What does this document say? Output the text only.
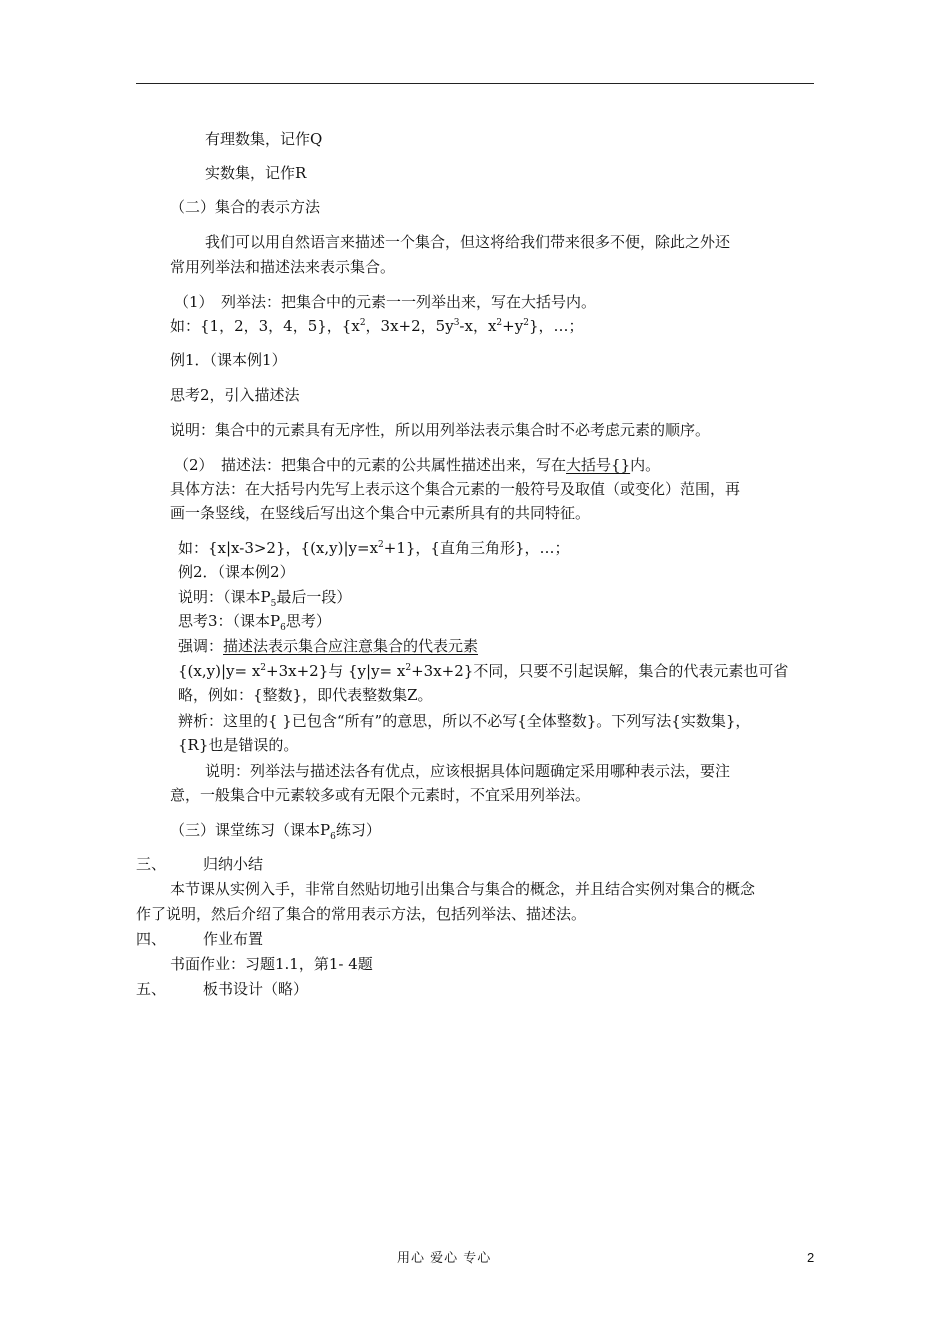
有理数集，记作Q
实数集，记作R
（二）集合的表示方法
我们可以用自然语言来描述一个集合，但这将给我们带来很多不便，除此之外还
常用列举法和描述法来表示集合。
（1）　列举法：把集合中的元素一一列举出来，写在大括号内。
如：{1，2，3，4，5}，{$x^2$，3x+2，$5y^3-x$，$x^2+y^2$}，…；
例1．（课本例1）
思考2，引入描述法
说明：集合中的元素具有无序性，所以用列举法表示集合时不必考虑元素的顺序。
（2）　描述法：把集合中的元素的公共属性描述出来，写在大括号{}内。
具体方法：在大括号内先写上表示这个集合元素的一般符号及取值（或变化）范围，再
画一条竖线，在竖线后写出这个集合中元素所具有的共同特征。
如：{x|x-3>2}，$\{(x,y)|y=x^2+1\}$，{直角三角形}，…；
例2．（课本例2）
说明：（课本$P_5$最后一段）
思考3：（课本$P_6$思考）
强调：描述法表示集合应注意集合的代表元素
$\{(x,y)|y= x^2+3x+2\}$与 $\{y|y= x^2+3x+2\}$不同，只要不引起误解，集合的代表元素也可省
略，例如：{整数}，即代表整数集Z。
辨析：这里的{ }已包含“所有”的意思，所以不必写{全体整数}。下列写法{实数集}，
{R}也是错误的。
说明：列举法与描述法各有优点，应该根据具体问题确定采用哪种表示法，要注
意，一般集合中元素较多或有无限个元素时，不宜采用列举法。
（三）课堂练习（课本$P_6$练习）
三、 归纳小结
本节课从实例入手，非常自然贴切地引出集合与集合的概念，并且结合实例对集合的概念
作了说明，然后介绍了集合的常用表示方法，包括列举法、描述法。
四、 作业布置
书面作业：习题1.1，第1- 4题
五、 板书设计（略）
用心 爱心 专心	2
